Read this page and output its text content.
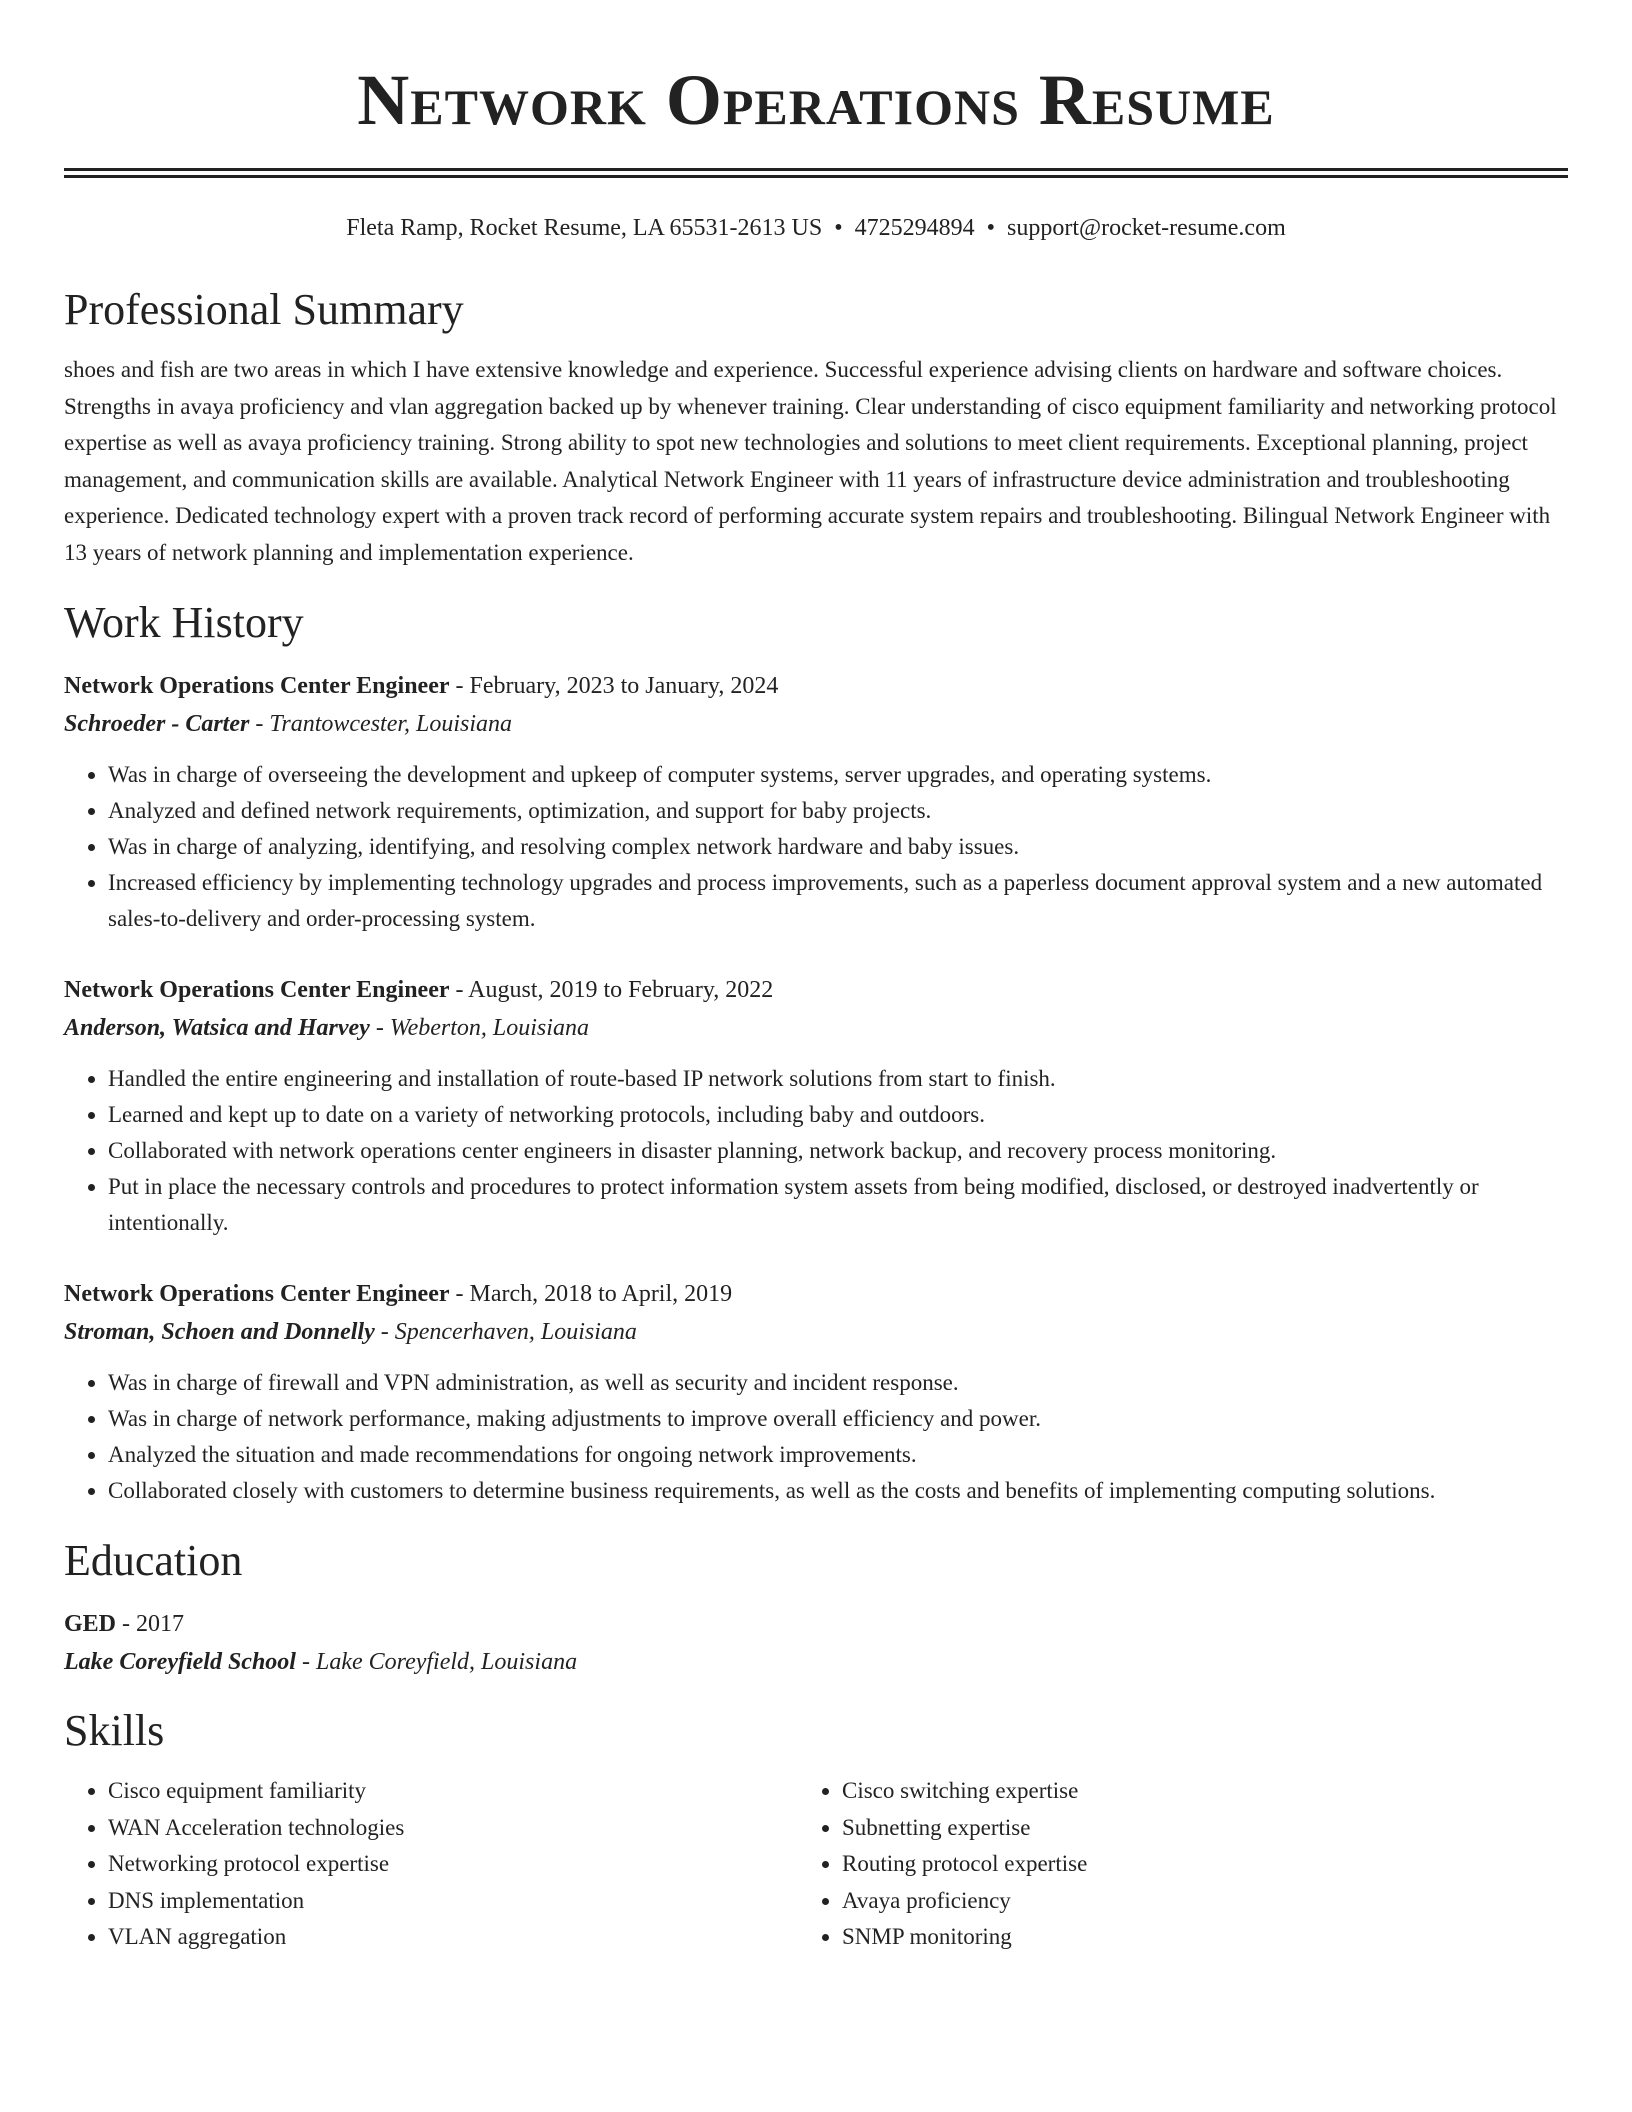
Network Operations Resume
Fleta Ramp, Rocket Resume, LA 65531-2613 US • 4725294894 • support@rocket-resume.com
Professional Summary
shoes and fish are two areas in which I have extensive knowledge and experience. Successful experience advising clients on hardware and software choices. Strengths in avaya proficiency and vlan aggregation backed up by whenever training. Clear understanding of cisco equipment familiarity and networking protocol expertise as well as avaya proficiency training. Strong ability to spot new technologies and solutions to meet client requirements. Exceptional planning, project management, and communication skills are available. Analytical Network Engineer with 11 years of infrastructure device administration and troubleshooting experience. Dedicated technology expert with a proven track record of performing accurate system repairs and troubleshooting. Bilingual Network Engineer with 13 years of network planning and implementation experience.
Work History
Network Operations Center Engineer - February, 2023 to January, 2024
Schroeder - Carter - Trantowcester, Louisiana
• Was in charge of overseeing the development and upkeep of computer systems, server upgrades, and operating systems.
• Analyzed and defined network requirements, optimization, and support for baby projects.
• Was in charge of analyzing, identifying, and resolving complex network hardware and baby issues.
• Increased efficiency by implementing technology upgrades and process improvements, such as a paperless document approval system and a new automated sales-to-delivery and order-processing system.
Network Operations Center Engineer - August, 2019 to February, 2022
Anderson, Watsica and Harvey - Weberton, Louisiana
• Handled the entire engineering and installation of route-based IP network solutions from start to finish.
• Learned and kept up to date on a variety of networking protocols, including baby and outdoors.
• Collaborated with network operations center engineers in disaster planning, network backup, and recovery process monitoring.
• Put in place the necessary controls and procedures to protect information system assets from being modified, disclosed, or destroyed inadvertently or intentionally.
Network Operations Center Engineer - March, 2018 to April, 2019
Stroman, Schoen and Donnelly - Spencerhaven, Louisiana
• Was in charge of firewall and VPN administration, as well as security and incident response.
• Was in charge of network performance, making adjustments to improve overall efficiency and power.
• Analyzed the situation and made recommendations for ongoing network improvements.
• Collaborated closely with customers to determine business requirements, as well as the costs and benefits of implementing computing solutions.
Education
GED - 2017
Lake Coreyfield School - Lake Coreyfield, Louisiana
Skills
• Cisco equipment familiarity
• WAN Acceleration technologies
• Networking protocol expertise
• DNS implementation
• VLAN aggregation
• Cisco switching expertise
• Subnetting expertise
• Routing protocol expertise
• Avaya proficiency
• SNMP monitoring
